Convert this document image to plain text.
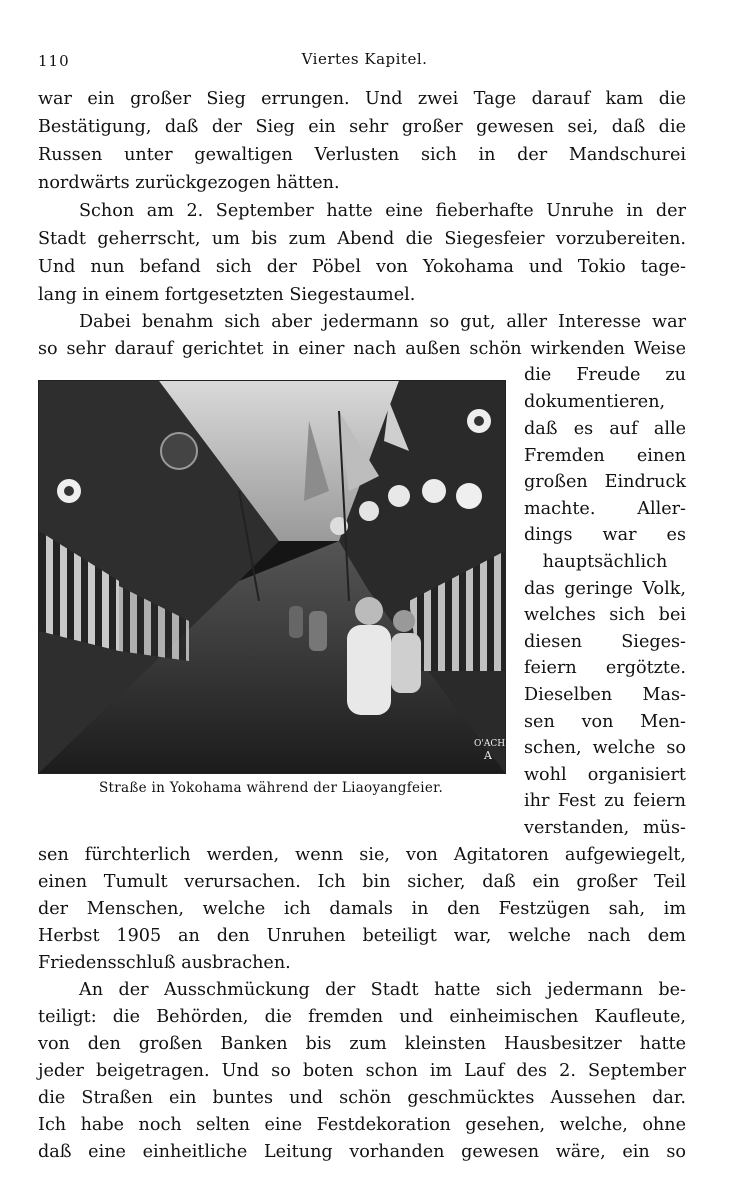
110	Viertes Kapitel.
war ein großer Sieg errungen. Und zwei Tage darauf kam die
Bestätigung, daß der Sieg ein sehr großer gewesen sei, daß die
Russen unter gewaltigen Verlusten sich in der Mandschurei
nordwärts zurückgezogen hätten.
Schon am 2. September hatte eine fieberhafte Unruhe in der
Stadt geherrscht, um bis zum Abend die Siegesfeier vorzubereiten.
Und nun befand sich der Pöbel von Yokohama und Tokio tage-
lang in einem fortgesetzten Siegestaumel.
Dabei benahm sich aber jedermann so gut, aller Interesse war
so sehr darauf gerichtet in einer nach außen schön wirkenden Weise
die Freude zu
dokumentieren,
daß es auf alle
Fremden einen
großen Eindruck
machte. Aller-
dings war es
hauptsächlich
das geringe Volk,
welches sich bei
diesen Sieges-
feiern ergötzte.
Dieselben Mas-
sen von Men-
schen, welche so
wohl organisiert
ihr Fest zu feiern
verstanden, müs-
O'ACH
A
Straße in Yokohama während der Liaoyangfeier.
sen fürchterlich werden, wenn sie, von Agitatoren aufgewiegelt,
einen Tumult verursachen. Ich bin sicher, daß ein großer Teil
der Menschen, welche ich damals in den Festzügen sah, im
Herbst 1905 an den Unruhen beteiligt war, welche nach dem
Friedensschluß ausbrachen.
An der Ausschmückung der Stadt hatte sich jedermann be-
teiligt: die Behörden, die fremden und einheimischen Kaufleute,
von den großen Banken bis zum kleinsten Hausbesitzer hatte
jeder beigetragen. Und so boten schon im Lauf des 2. September
die Straßen ein buntes und schön geschmücktes Aussehen dar.
Ich habe noch selten eine Festdekoration gesehen, welche, ohne
daß eine einheitliche Leitung vorhanden gewesen wäre, ein so
